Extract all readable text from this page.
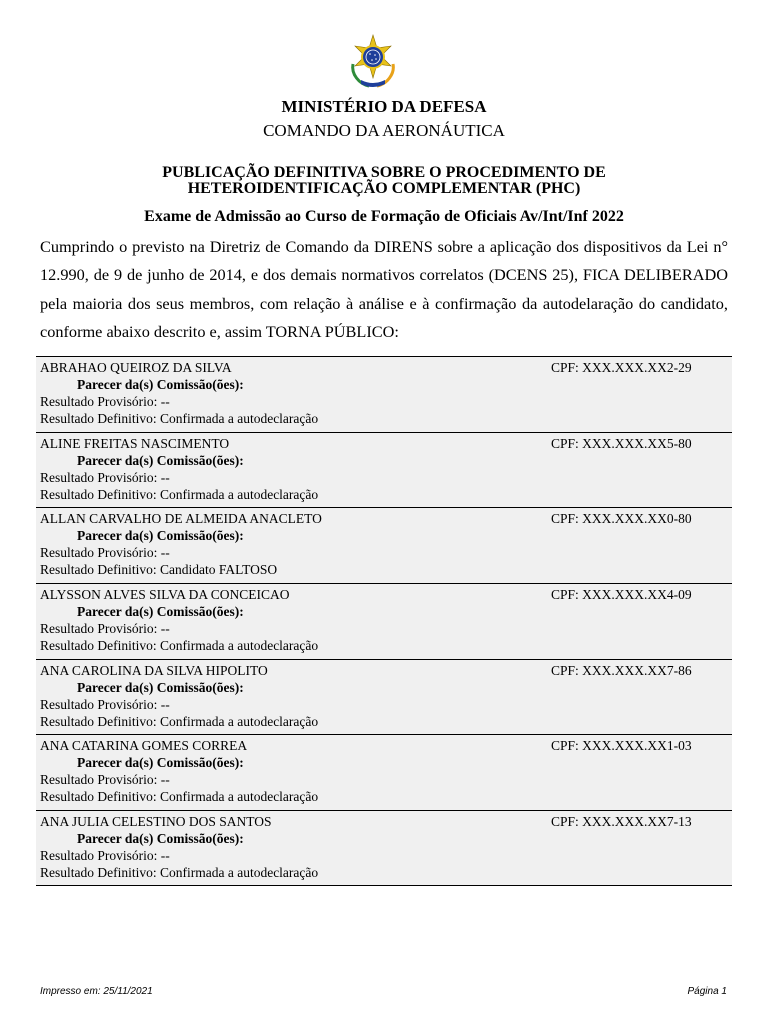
MINISTÉRIO DA DEFESA
COMANDO DA AERONÁUTICA
PUBLICAÇÃO DEFINITIVA SOBRE O PROCEDIMENTO DE
HETEROIDENTIFICAÇÃO COMPLEMENTAR (PHC)
Exame de Admissão ao Curso de Formação de Oficiais Av/Int/Inf 2022
Cumprindo o previsto na Diretriz de Comando da DIRENS sobre a aplicação dos dispositivos da Lei n° 12.990, de 9 de junho de 2014, e dos demais normativos correlatos (DCENS 25), FICA DELIBERADO pela maioria dos seus membros, com relação à análise e à confirmação da autodelaração do candidato, conforme abaixo descrito e, assim TORNA PÚBLICO:
ABRAHAO QUEIROZ DA SILVA	CPF: XXX.XXX.XX2-29
Parecer da(s) Comissão(ões):
Resultado Provisório: --
Resultado Definitivo: Confirmada a autodeclaração
ALINE FREITAS NASCIMENTO	CPF: XXX.XXX.XX5-80
Parecer da(s) Comissão(ões):
Resultado Provisório: --
Resultado Definitivo: Confirmada a autodeclaração
ALLAN CARVALHO DE ALMEIDA ANACLETO	CPF: XXX.XXX.XX0-80
Parecer da(s) Comissão(ões):
Resultado Provisório: --
Resultado Definitivo: Candidato FALTOSO
ALYSSON ALVES SILVA DA CONCEICAO	CPF: XXX.XXX.XX4-09
Parecer da(s) Comissão(ões):
Resultado Provisório: --
Resultado Definitivo: Confirmada a autodeclaração
ANA CAROLINA DA SILVA HIPOLITO	CPF: XXX.XXX.XX7-86
Parecer da(s) Comissão(ões):
Resultado Provisório: --
Resultado Definitivo: Confirmada a autodeclaração
ANA CATARINA GOMES CORREA	CPF: XXX.XXX.XX1-03
Parecer da(s) Comissão(ões):
Resultado Provisório: --
Resultado Definitivo: Confirmada a autodeclaração
ANA JULIA CELESTINO DOS SANTOS	CPF: XXX.XXX.XX7-13
Parecer da(s) Comissão(ões):
Resultado Provisório: --
Resultado Definitivo: Confirmada a autodeclaração
Impresso em: 25/11/2021	Página 1
